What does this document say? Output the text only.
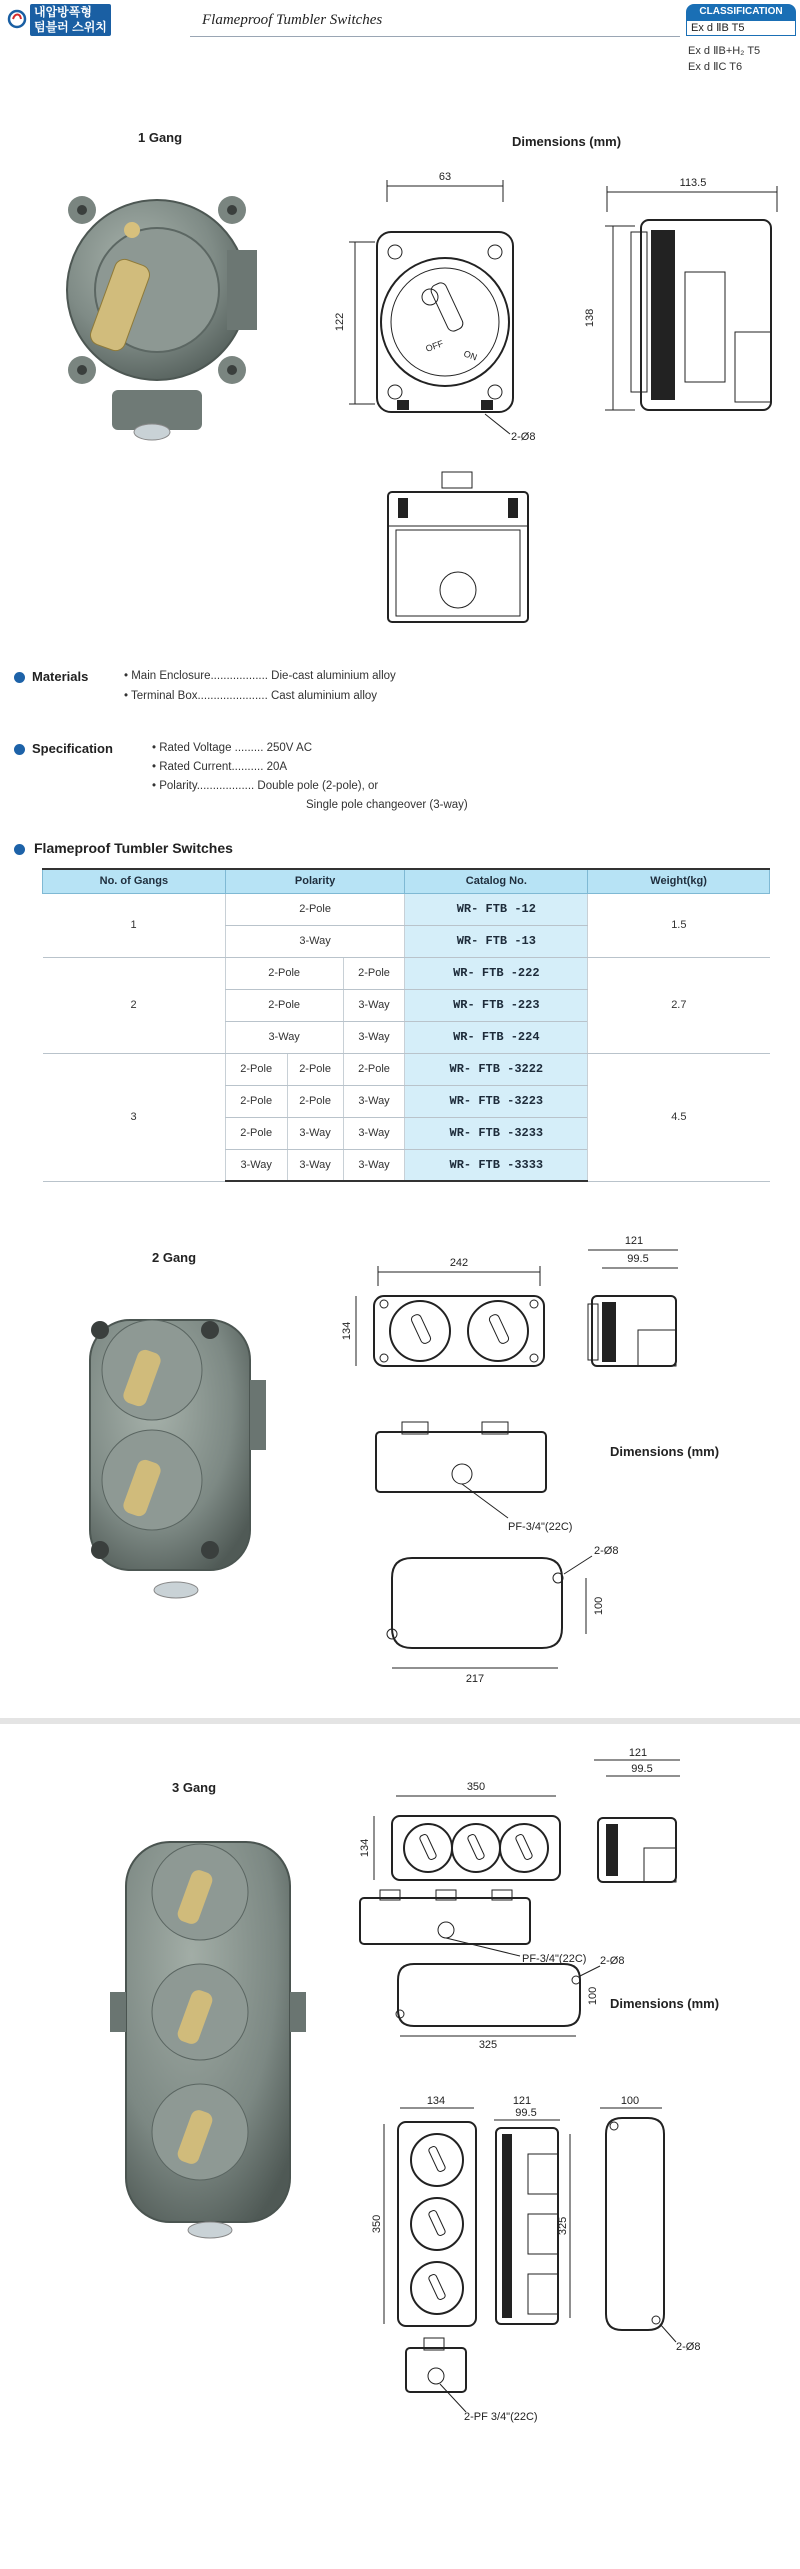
내압방폭형
텀블러 스위치	Flameproof Tumbler Switches
CLASSIFICATION
Ex d ⅡB T5
Ex d ⅡB+H₂ T5
Ex d ⅡC T6
1 Gang	Dimensions (mm)
63
122
OFF
ON
2-Ø8
113.5
138
Materials	• Main Enclosure.................. Die-cast aluminium alloy
• Terminal Box...................... Cast aluminium alloy
Specification	• Rated Voltage ......... 250V AC
• Rated Current.......... 20A
• Polarity.................. Double pole (2-pole), or
Single pole changeover (3-way)
Flameproof Tumbler Switches
No. of Gangs	Polarity			Catalog No.	Weight(kg)
1	2-Pole			WR- FTB -12	1.5
	3-Way			WR- FTB -13	
2	2-Pole		2-Pole	WR- FTB -222	2.7
	2-Pole		3-Way	WR- FTB -223	
	3-Way		3-Way	WR- FTB -224	
3	2-Pole	2-Pole	2-Pole	WR- FTB -3222	4.5
	2-Pole	2-Pole	3-Way	WR- FTB -3223	
	2-Pole	3-Way	3-Way	WR- FTB -3233	
	3-Way	3-Way	3-Way	WR- FTB -3333	
2 Gang
Dimensions (mm)
242
134
121
99.5
PF-3/4"(22C)
2-Ø8
100
217
3 Gang
Dimensions (mm)
350
134
121
99.5
PF-3/4"(22C) 2-Ø8
100
325
134
350
121
99.5
325
100
2-Ø8
2-PF 3/4"(22C)
